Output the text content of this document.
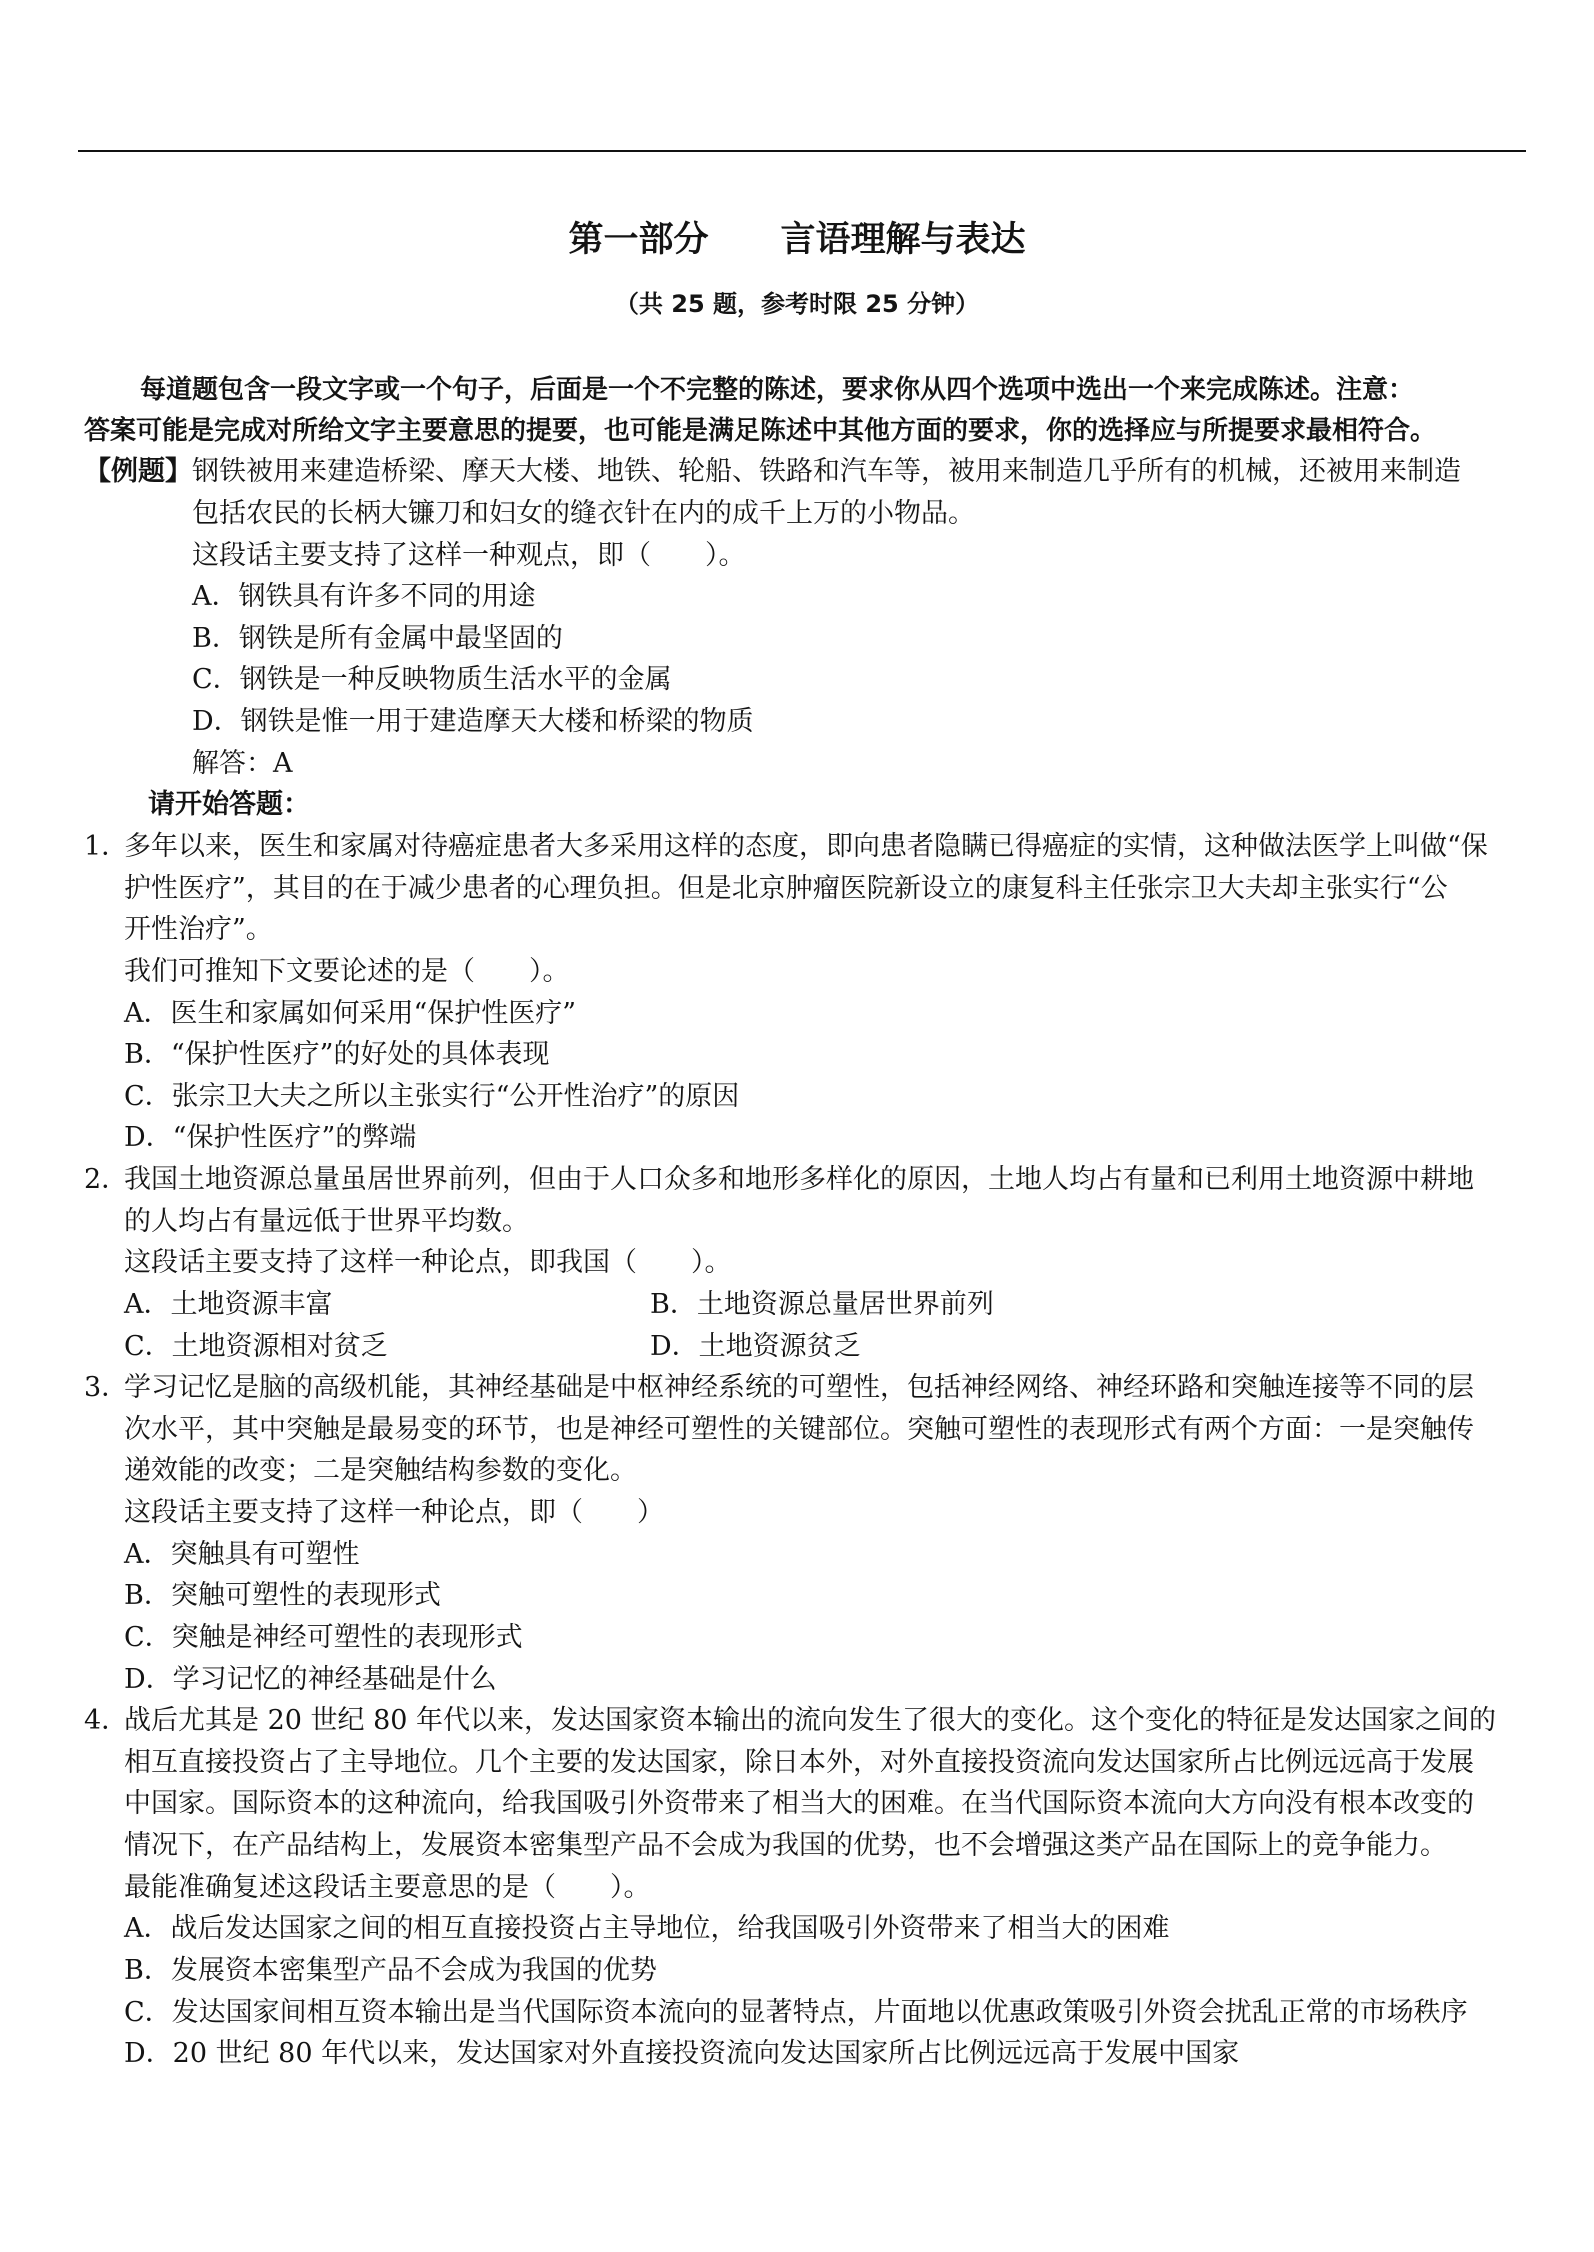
第一部分 言语理解与表达
（共 25 题，参考时限 25 分钟）
每道题包含一段文字或一个句子，后面是一个不完整的陈述，要求你从四个选项中选出一个来完成陈述。注意：
答案可能是完成对所给文字主要意思的提要，也可能是满足陈述中其他方面的要求，你的选择应与所提要求最相符合。
【例题】钢铁被用来建造桥梁、摩天大楼、地铁、轮船、铁路和汽车等，被用来制造几乎所有的机械，还被用来制造
包括农民的长柄大镰刀和妇女的缝衣针在内的成千上万的小物品。
这段话主要支持了这样一种观点，即（　　）。
A．钢铁具有许多不同的用途
B．钢铁是所有金属中最坚固的
C．钢铁是一种反映物质生活水平的金属
D．钢铁是惟一用于建造摩天大楼和桥梁的物质
解答：A
请开始答题：
1．
多年以来，医生和家属对待癌症患者大多采用这样的态度，即向患者隐瞒已得癌症的实情，这种做法医学上叫做“保
护性医疗”，其目的在于减少患者的心理负担。但是北京肿瘤医院新设立的康复科主任张宗卫大夫却主张实行“公
开性治疗”。
我们可推知下文要论述的是（　　）。
A．医生和家属如何采用“保护性医疗”
B．“保护性医疗”的好处的具体表现
C．张宗卫大夫之所以主张实行“公开性治疗”的原因
D．“保护性医疗”的弊端
2．
我国土地资源总量虽居世界前列，但由于人口众多和地形多样化的原因，土地人均占有量和已利用土地资源中耕地
的人均占有量远低于世界平均数。
这段话主要支持了这样一种论点，即我国（　　）。
A．土地资源丰富	B．土地资源总量居世界前列
C．土地资源相对贫乏	D．土地资源贫乏
3．
学习记忆是脑的高级机能，其神经基础是中枢神经系统的可塑性，包括神经网络、神经环路和突触连接等不同的层
次水平，其中突触是最易变的环节，也是神经可塑性的关键部位。突触可塑性的表现形式有两个方面：一是突触传
递效能的改变；二是突触结构参数的变化。
这段话主要支持了这样一种论点，即（　　）
A．突触具有可塑性
B．突触可塑性的表现形式
C．突触是神经可塑性的表现形式
D．学习记忆的神经基础是什么
4．
战后尤其是 20 世纪 80 年代以来，发达国家资本输出的流向发生了很大的变化。这个变化的特征是发达国家之间的
相互直接投资占了主导地位。几个主要的发达国家，除日本外，对外直接投资流向发达国家所占比例远远高于发展
中国家。国际资本的这种流向，给我国吸引外资带来了相当大的困难。在当代国际资本流向大方向没有根本改变的
情况下，在产品结构上，发展资本密集型产品不会成为我国的优势，也不会增强这类产品在国际上的竞争能力。
最能准确复述这段话主要意思的是（　　）。
A．战后发达国家之间的相互直接投资占主导地位，给我国吸引外资带来了相当大的困难
B．发展资本密集型产品不会成为我国的优势
C．发达国家间相互资本输出是当代国际资本流向的显著特点，片面地以优惠政策吸引外资会扰乱正常的市场秩序
D．20 世纪 80 年代以来，发达国家对外直接投资流向发达国家所占比例远远高于发展中国家
